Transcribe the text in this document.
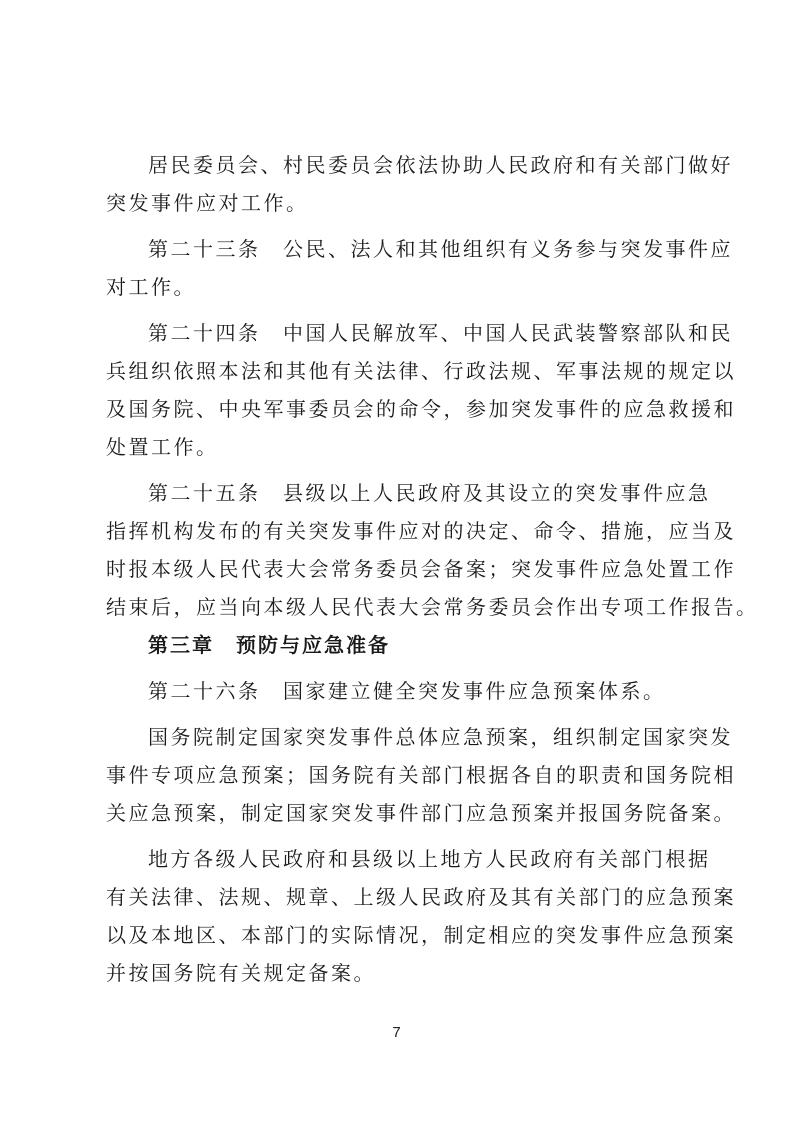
居民委员会、村民委员会依法协助人民政府和有关部门做好
突发事件应对工作。
第二十三条　公民、法人和其他组织有义务参与突发事件应
对工作。
第二十四条　中国人民解放军、中国人民武装警察部队和民
兵组织依照本法和其他有关法律、行政法规、军事法规的规定以
及国务院、中央军事委员会的命令，参加突发事件的应急救援和
处置工作。
第二十五条　县级以上人民政府及其设立的突发事件应急
指挥机构发布的有关突发事件应对的决定、命令、措施，应当及
时报本级人民代表大会常务委员会备案；突发事件应急处置工作
结束后，应当向本级人民代表大会常务委员会作出专项工作报告。
第三章　预防与应急准备
第二十六条　国家建立健全突发事件应急预案体系。
国务院制定国家突发事件总体应急预案，组织制定国家突发
事件专项应急预案；国务院有关部门根据各自的职责和国务院相
关应急预案，制定国家突发事件部门应急预案并报国务院备案。
地方各级人民政府和县级以上地方人民政府有关部门根据
有关法律、法规、规章、上级人民政府及其有关部门的应急预案
以及本地区、本部门的实际情况，制定相应的突发事件应急预案
并按国务院有关规定备案。
7
